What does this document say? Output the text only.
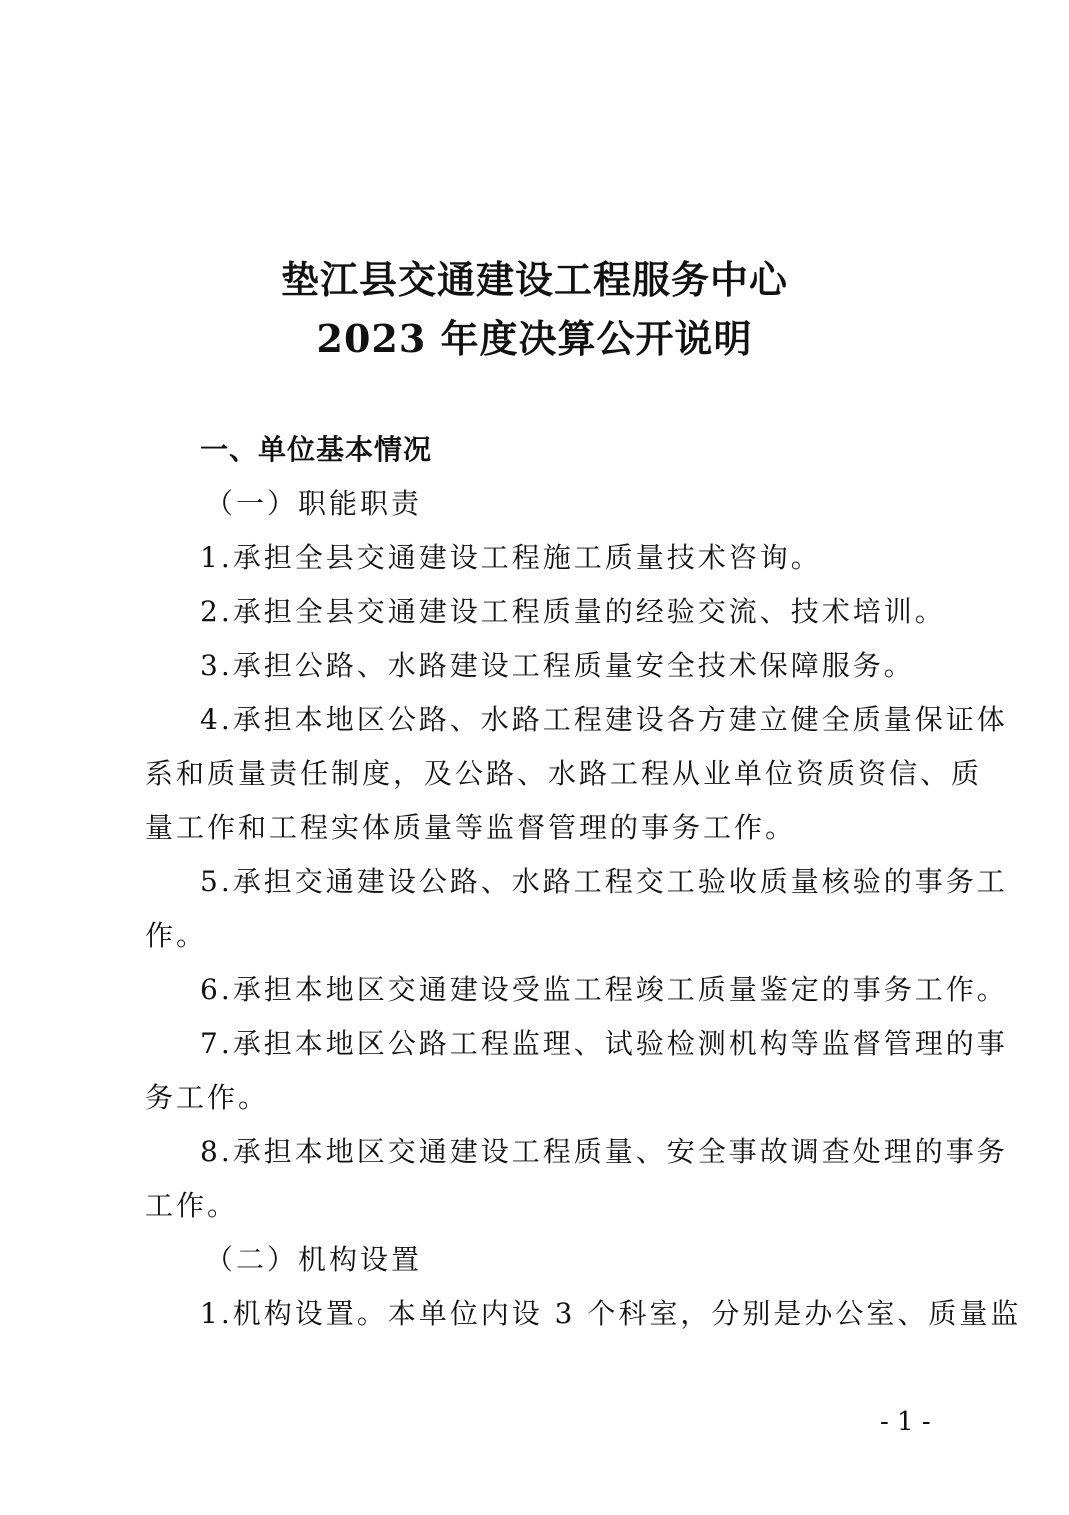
垫江县交通建设工程服务中心
2023 年度决算公开说明
一、单位基本情况
（一）职能职责
1.承担全县交通建设工程施工质量技术咨询。
2.承担全县交通建设工程质量的经验交流、技术培训。
3.承担公路、水路建设工程质量安全技术保障服务。
4.承担本地区公路、水路工程建设各方建立健全质量保证体
系和质量责任制度，及公路、水路工程从业单位资质资信、质
量工作和工程实体质量等监督管理的事务工作。
5.承担交通建设公路、水路工程交工验收质量核验的事务工
作。
6.承担本地区交通建设受监工程竣工质量鉴定的事务工作。
7.承担本地区公路工程监理、试验检测机构等监督管理的事
务工作。
8.承担本地区交通建设工程质量、安全事故调查处理的事务
工作。
（二）机构设置
1.机构设置。本单位内设 3 个科室，分别是办公室、质量监
- 1 -
